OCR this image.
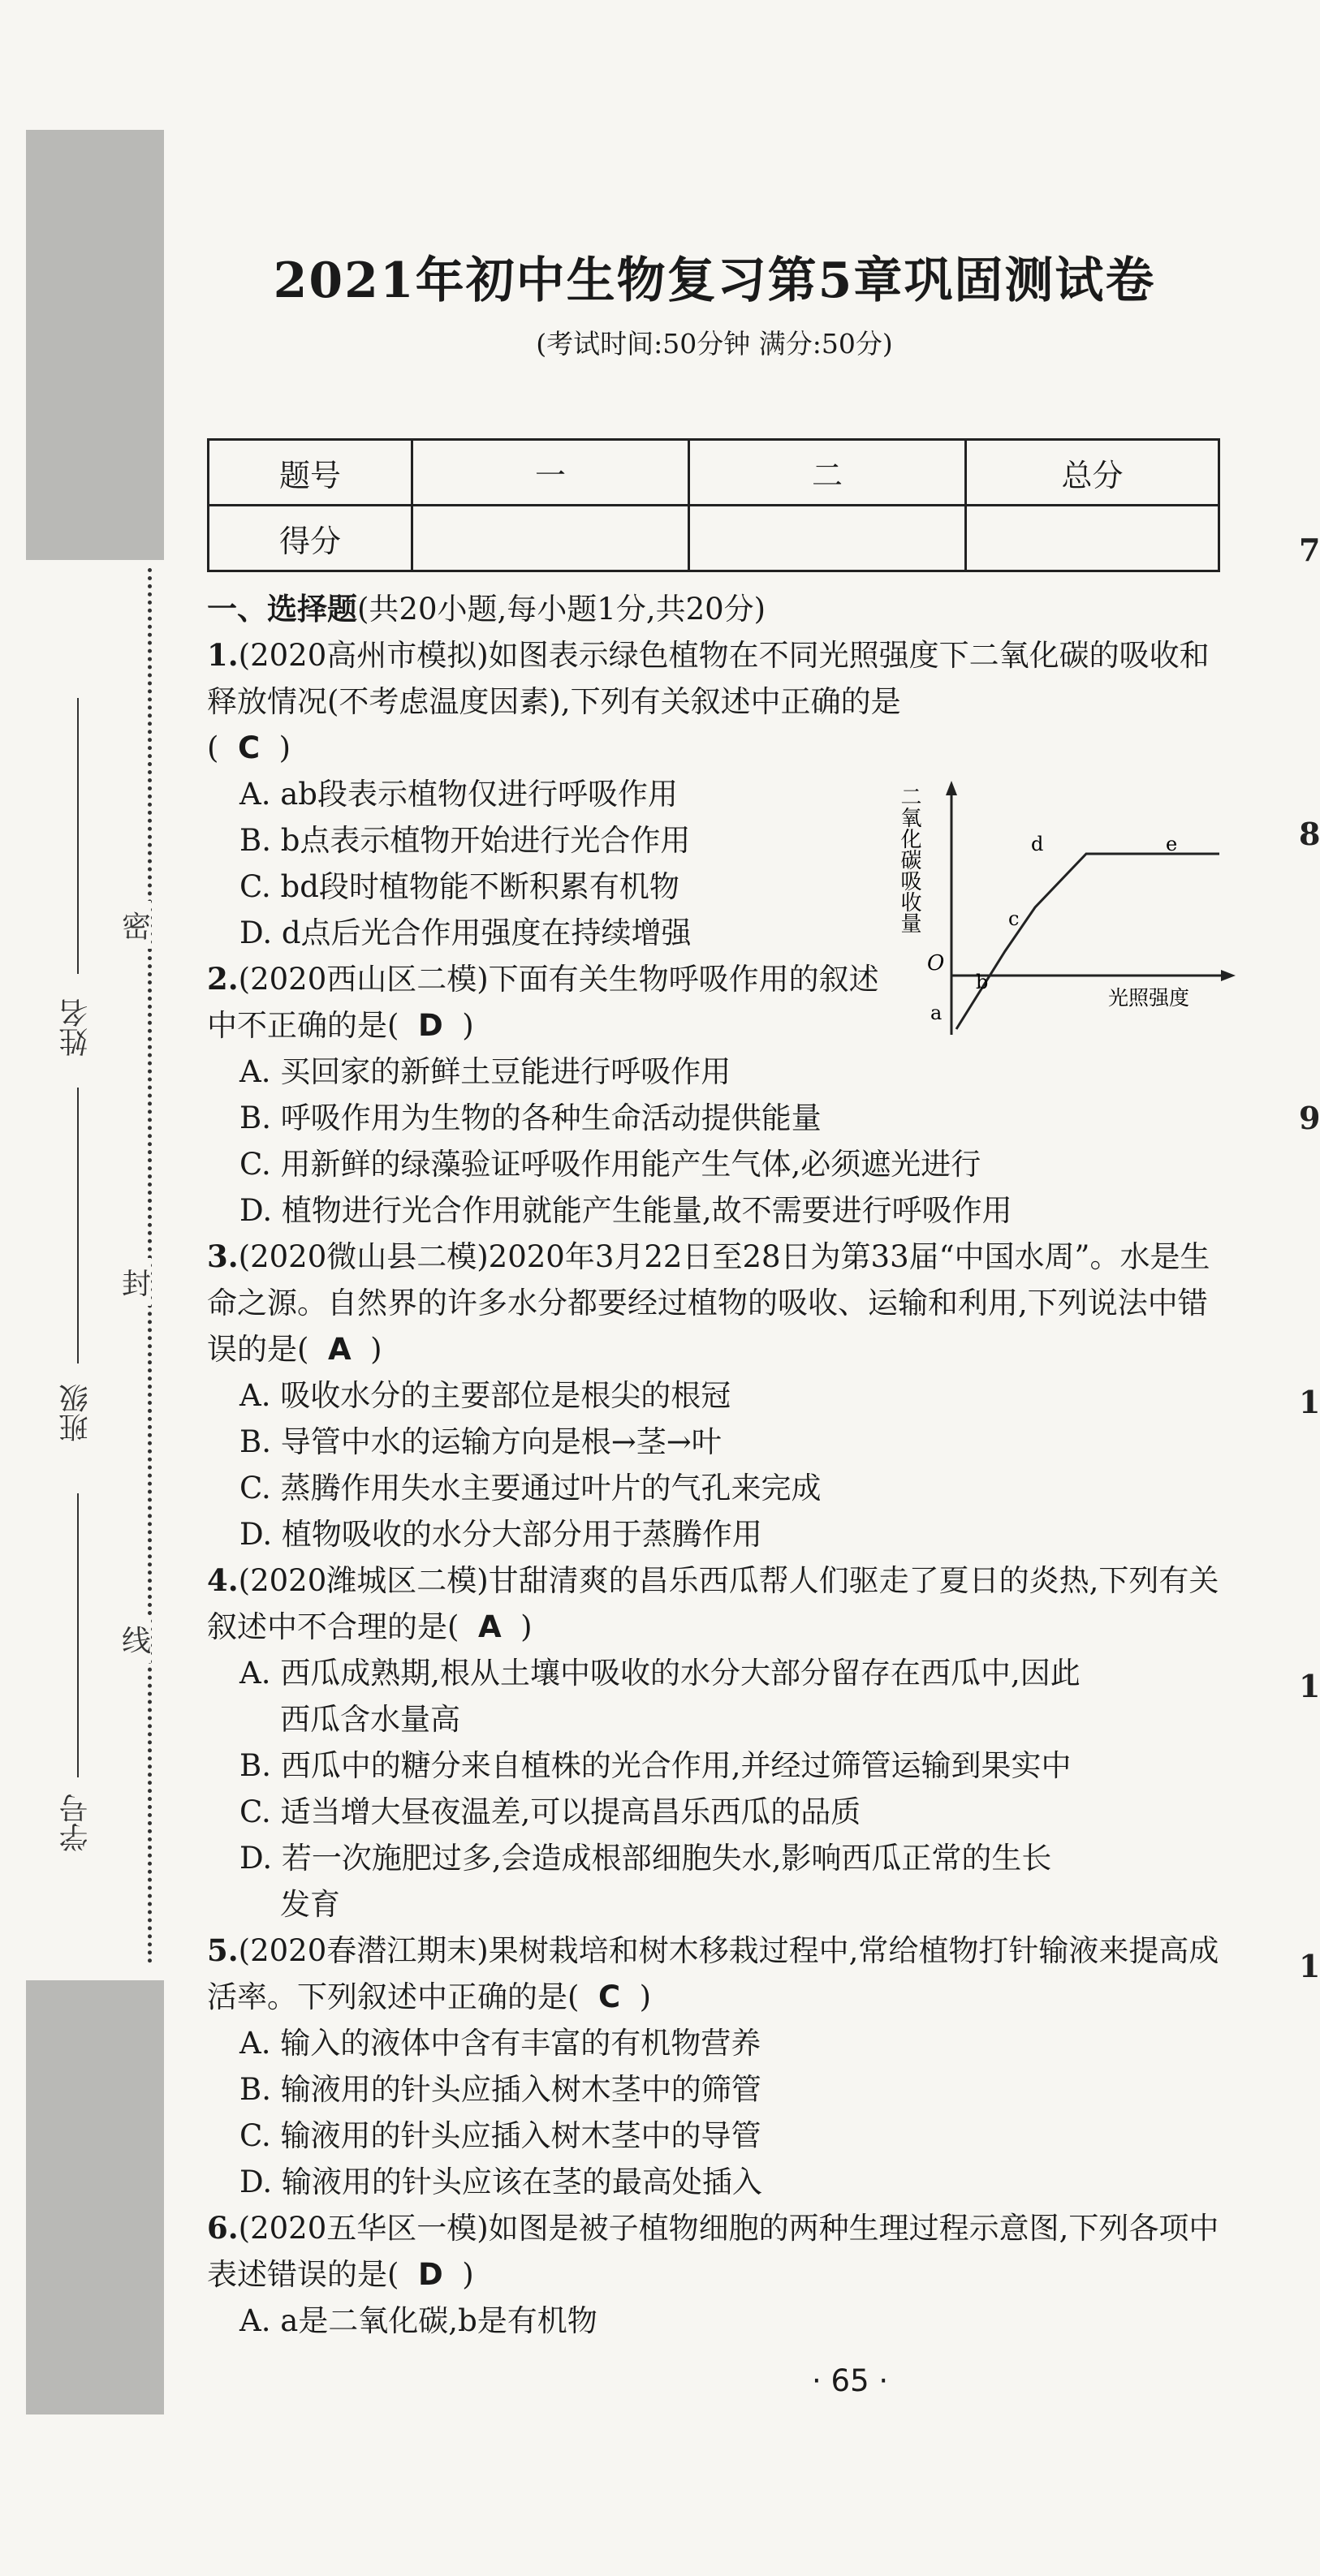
姓名
班级
学号
密
封
线
7
8
9
1
1
1
2021年初中生物复习第5章巩固测试卷
(考试时间:50分钟 满分:50分)
题号	一	二	总分
得分			

一、选择题(共20小题,每小题1分,共20分)

1.(2020高州市模拟)如图表示绿色植物在不同光照强度下二氧化碳的吸收和释放情况(不考虑温度因素),下列有关叙述中正确的是

(  C  )

A. ab段表示植物仅进行呼吸作用

B. b点表示植物开始进行光合作用

C. bd段时植物能不断积累有机物

D. d点后光合作用强度在持续增强

2.(2020西山区二模)下面有关生物呼吸作用的叙述中不正确的是(  D  )

A. 买回家的新鲜土豆能进行呼吸作用

B. 呼吸作用为生物的各种生命活动提供能量

C. 用新鲜的绿藻验证呼吸作用能产生气体,必须遮光进行

D. 植物进行光合作用就能产生能量,故不需要进行呼吸作用

3.(2020微山县二模)2020年3月22日至28日为第33届“中国水周”。水是生命之源。自然界的许多水分都要经过植物的吸收、运输和利用,下列说法中错误的是(  A  )

A. 吸收水分的主要部位是根尖的根冠

B. 导管中水的运输方向是根→茎→叶

C. 蒸腾作用失水主要通过叶片的气孔来完成

D. 植物吸收的水分大部分用于蒸腾作用

4.(2020潍城区二模)甘甜清爽的昌乐西瓜帮人们驱走了夏日的炎热,下列有关叙述中不合理的是(  A  )

A. 西瓜成熟期,根从土壤中吸收的水分大部分留存在西瓜中,因此

西瓜含水量高

B. 西瓜中的糖分来自植株的光合作用,并经过筛管运输到果实中

C. 适当增大昼夜温差,可以提高昌乐西瓜的品质

D. 若一次施肥过多,会造成根部细胞失水,影响西瓜正常的生长

发育

5.(2020春潜江期末)果树栽培和树木移栽过程中,常给植物打针输液来提高成活率。下列叙述中正确的是(  C  )

A. 输入的液体中含有丰富的有机物营养

B. 输液用的针头应插入树木茎中的筛管

C. 输液用的针头应插入树木茎中的导管

D. 输液用的针头应该在茎的最高处插入

6.(2020五华区一模)如图是被子植物细胞的两种生理过程示意图,下列各项中表述错误的是(  D  )

A. a是二氧化碳,b是有机物

二氧化碳吸收量
O
a
b
c
d	e
光照强度
· 65 ·
